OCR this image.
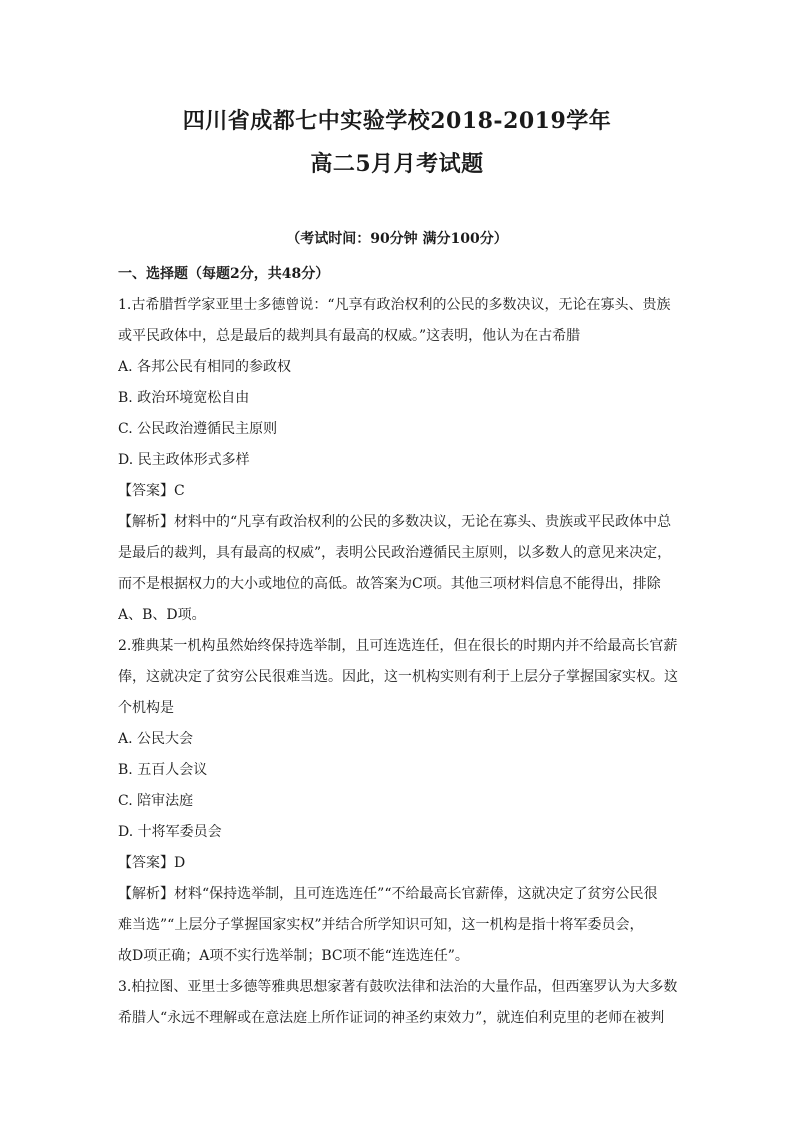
四川省成都七中实验学校2018-2019学年
高二5月月考试题
（考试时间：90分钟 满分100分）
一、选择题（每题2分，共48分）
1.古希腊哲学家亚里士多德曾说：“凡享有政治权利的公民的多数决议，无论在寡头、贵族
或平民政体中，总是最后的裁判具有最高的权威。”这表明，他认为在古希腊
A. 各邦公民有相同的参政权
B. 政治环境宽松自由
C. 公民政治遵循民主原则
D. 民主政体形式多样
【答案】C
【解析】材料中的“凡享有政治权利的公民的多数决议，无论在寡头、贵族或平民政体中总
是最后的裁判，具有最高的权威”，表明公民政治遵循民主原则，以多数人的意见来决定，
而不是根据权力的大小或地位的高低。故答案为C项。其他三项材料信息不能得出，排除
A、B、D项。
2.雅典某一机构虽然始终保持选举制，且可连选连任，但在很长的时期内并不给最高长官薪
俸，这就决定了贫穷公民很难当选。因此，这一机构实则有利于上层分子掌握国家实权。这
个机构是
A. 公民大会
B. 五百人会议
C. 陪审法庭
D. 十将军委员会
【答案】D
【解析】材料“保持选举制，且可连选连任”“不给最高长官薪俸，这就决定了贫穷公民很
难当选”“上层分子掌握国家实权”并结合所学知识可知，这一机构是指十将军委员会，
故D项正确；A项不实行选举制；BC项不能“连选连任”。
3.柏拉图、亚里士多德等雅典思想家著有鼓吹法律和法治的大量作品，但西塞罗认为大多数
希腊人“永远不理解或在意法庭上所作证词的神圣约束效力”，就连伯利克里的老师在被判
